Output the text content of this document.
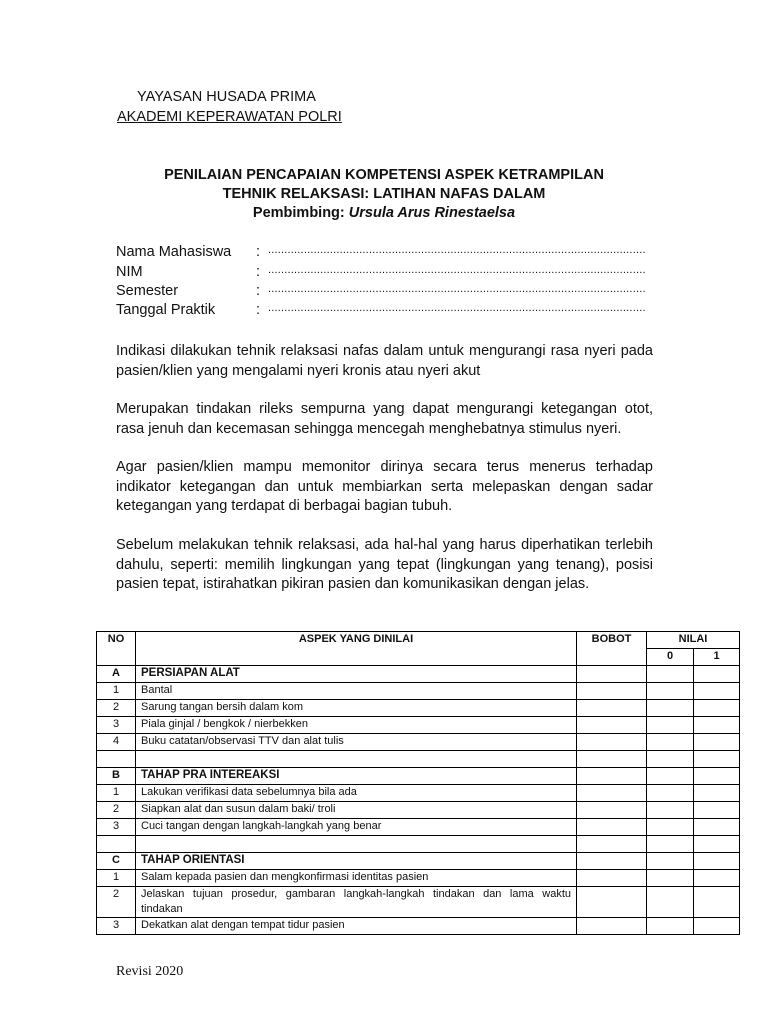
YAYASAN HUSADA PRIMA
AKADEMI KEPERAWATAN POLRI
PENILAIAN PENCAPAIAN KOMPETENSI ASPEK KETRAMPILAN
TEHNIK RELAKSASI: LATIHAN NAFAS DALAM
Pembimbing: Ursula Arus Rinestaelsa
Nama Mahasiswa : ....................................................................................................................
NIM	: ....................................................................................................................
Semester	: ....................................................................................................................
Tanggal Praktik	: ....................................................................................................................
Indikasi dilakukan tehnik relaksasi nafas dalam untuk mengurangi rasa nyeri pada pasien/klien yang mengalami nyeri kronis atau nyeri akut
Merupakan tindakan rileks sempurna yang dapat mengurangi ketegangan otot, rasa jenuh dan kecemasan sehingga mencegah menghebatnya stimulus nyeri.
Agar pasien/klien mampu memonitor dirinya secara terus menerus terhadap indikator ketegangan dan untuk membiarkan serta melepaskan dengan sadar ketegangan yang terdapat di berbagai bagian tubuh.
Sebelum melakukan tehnik relaksasi, ada hal-hal yang harus diperhatikan terlebih dahulu, seperti: memilih lingkungan yang tepat (lingkungan yang tenang), posisi pasien tepat, istirahatkan pikiran pasien dan komunikasikan dengan jelas.
NO	ASPEK YANG DINILAI	BOBOT	NILAI	
			0	1
A	PERSIAPAN ALAT			
1	Bantal			
2	Sarung tangan bersih dalam kom			
3	Piala ginjal / bengkok / nierbekken			
4	Buku catatan/observasi TTV dan alat tulis			

B	TAHAP PRA INTEREAKSI			
1	Lakukan verifikasi data sebelumnya bila ada			
2	Siapkan alat dan susun dalam baki/ troli			
3	Cuci tangan dengan langkah-langkah yang benar			

C	TAHAP ORIENTASI			
1	Salam kepada pasien dan mengkonfirmasi identitas pasien			
2	Jelaskan tujuan prosedur, gambaran langkah-langkah tindakan dan lama waktu tindakan			
3	Dekatkan alat dengan tempat tidur pasien			
Revisi 2020
